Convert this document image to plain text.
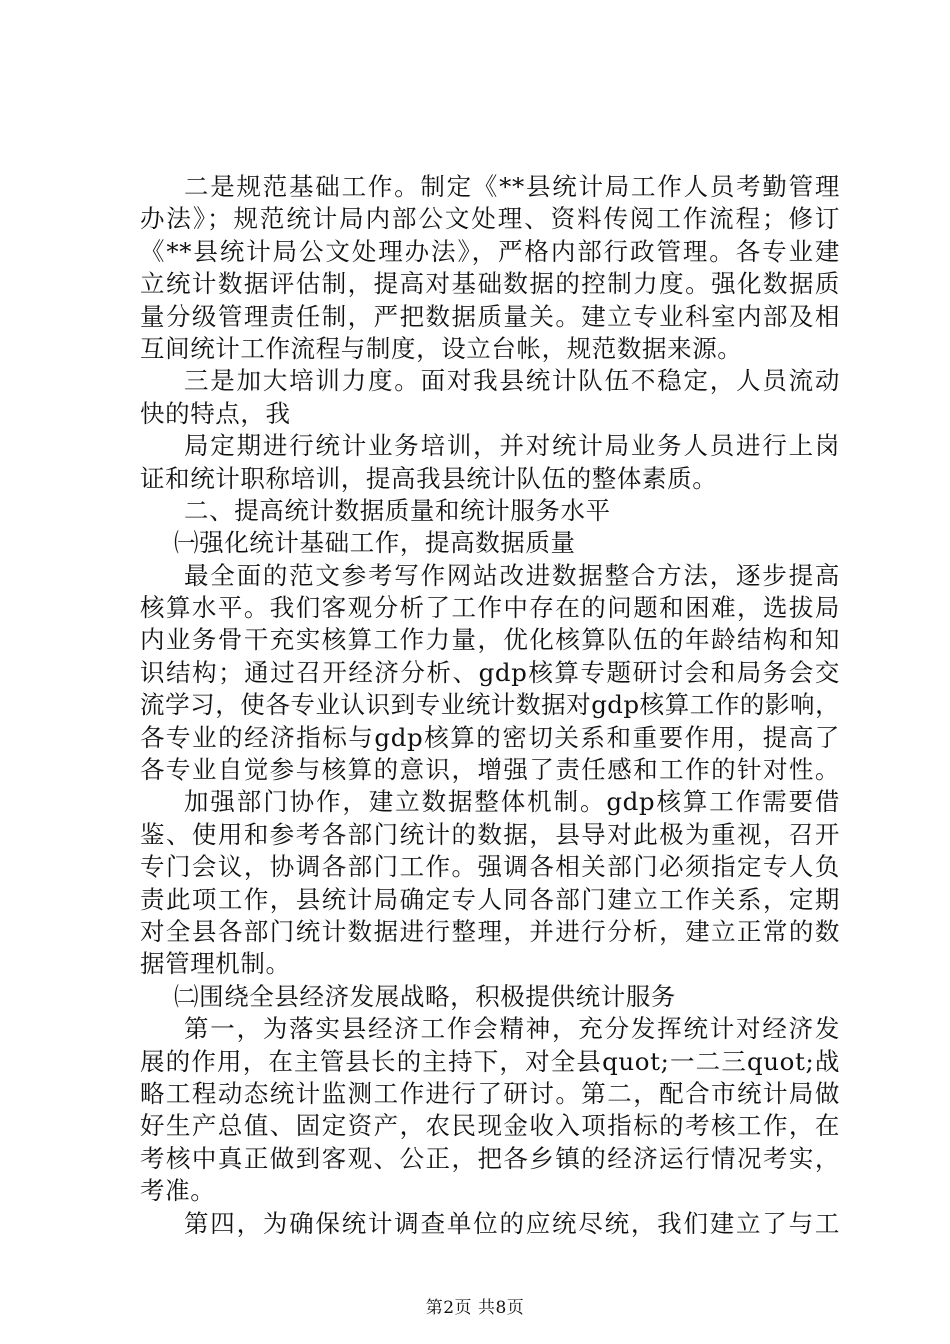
二是规范基础工作。制定《**县统计局工作人员考勤管理
办法》；规范统计局内部公文处理、资料传阅工作流程；修订
《**县统计局公文处理办法》，严格内部行政管理。各专业建
立统计数据评估制，提高对基础数据的控制力度。强化数据质
量分级管理责任制，严把数据质量关。建立专业科室内部及相
互间统计工作流程与制度，设立台帐，规范数据来源。
三是加大培训力度。面对我县统计队伍不稳定，人员流动
快的特点，我
局定期进行统计业务培训，并对统计局业务人员进行上岗
证和统计职称培训，提高我县统计队伍的整体素质。
二、提高统计数据质量和统计服务水平
㈠强化统计基础工作，提高数据质量
最全面的范文参考写作网站改进数据整合方法，逐步提高
核算水平。我们客观分析了工作中存在的问题和困难，选拔局
内业务骨干充实核算工作力量，优化核算队伍的年龄结构和知
识结构；通过召开经济分析、gdp核算专题研讨会和局务会交
流学习，使各专业认识到专业统计数据对gdp核算工作的影响，
各专业的经济指标与gdp核算的密切关系和重要作用，提高了
各专业自觉参与核算的意识，增强了责任感和工作的针对性。
加强部门协作，建立数据整体机制。gdp核算工作需要借
鉴、使用和参考各部门统计的数据，县导对此极为重视，召开
专门会议，协调各部门工作。强调各相关部门必须指定专人负
责此项工作，县统计局确定专人同各部门建立工作关系，定期
对全县各部门统计数据进行整理，并进行分析，建立正常的数
据管理机制。
㈡围绕全县经济发展战略，积极提供统计服务
第一，为落实县经济工作会精神，充分发挥统计对经济发
展的作用，在主管县长的主持下，对全县quot;一二三quot;战
略工程动态统计监测工作进行了研讨。第二，配合市统计局做
好生产总值、固定资产，农民现金收入项指标的考核工作，在
考核中真正做到客观、公正，把各乡镇的经济运行情况考实，
考准。
第四，为确保统计调查单位的应统尽统，我们建立了与工
第2页 共8页
